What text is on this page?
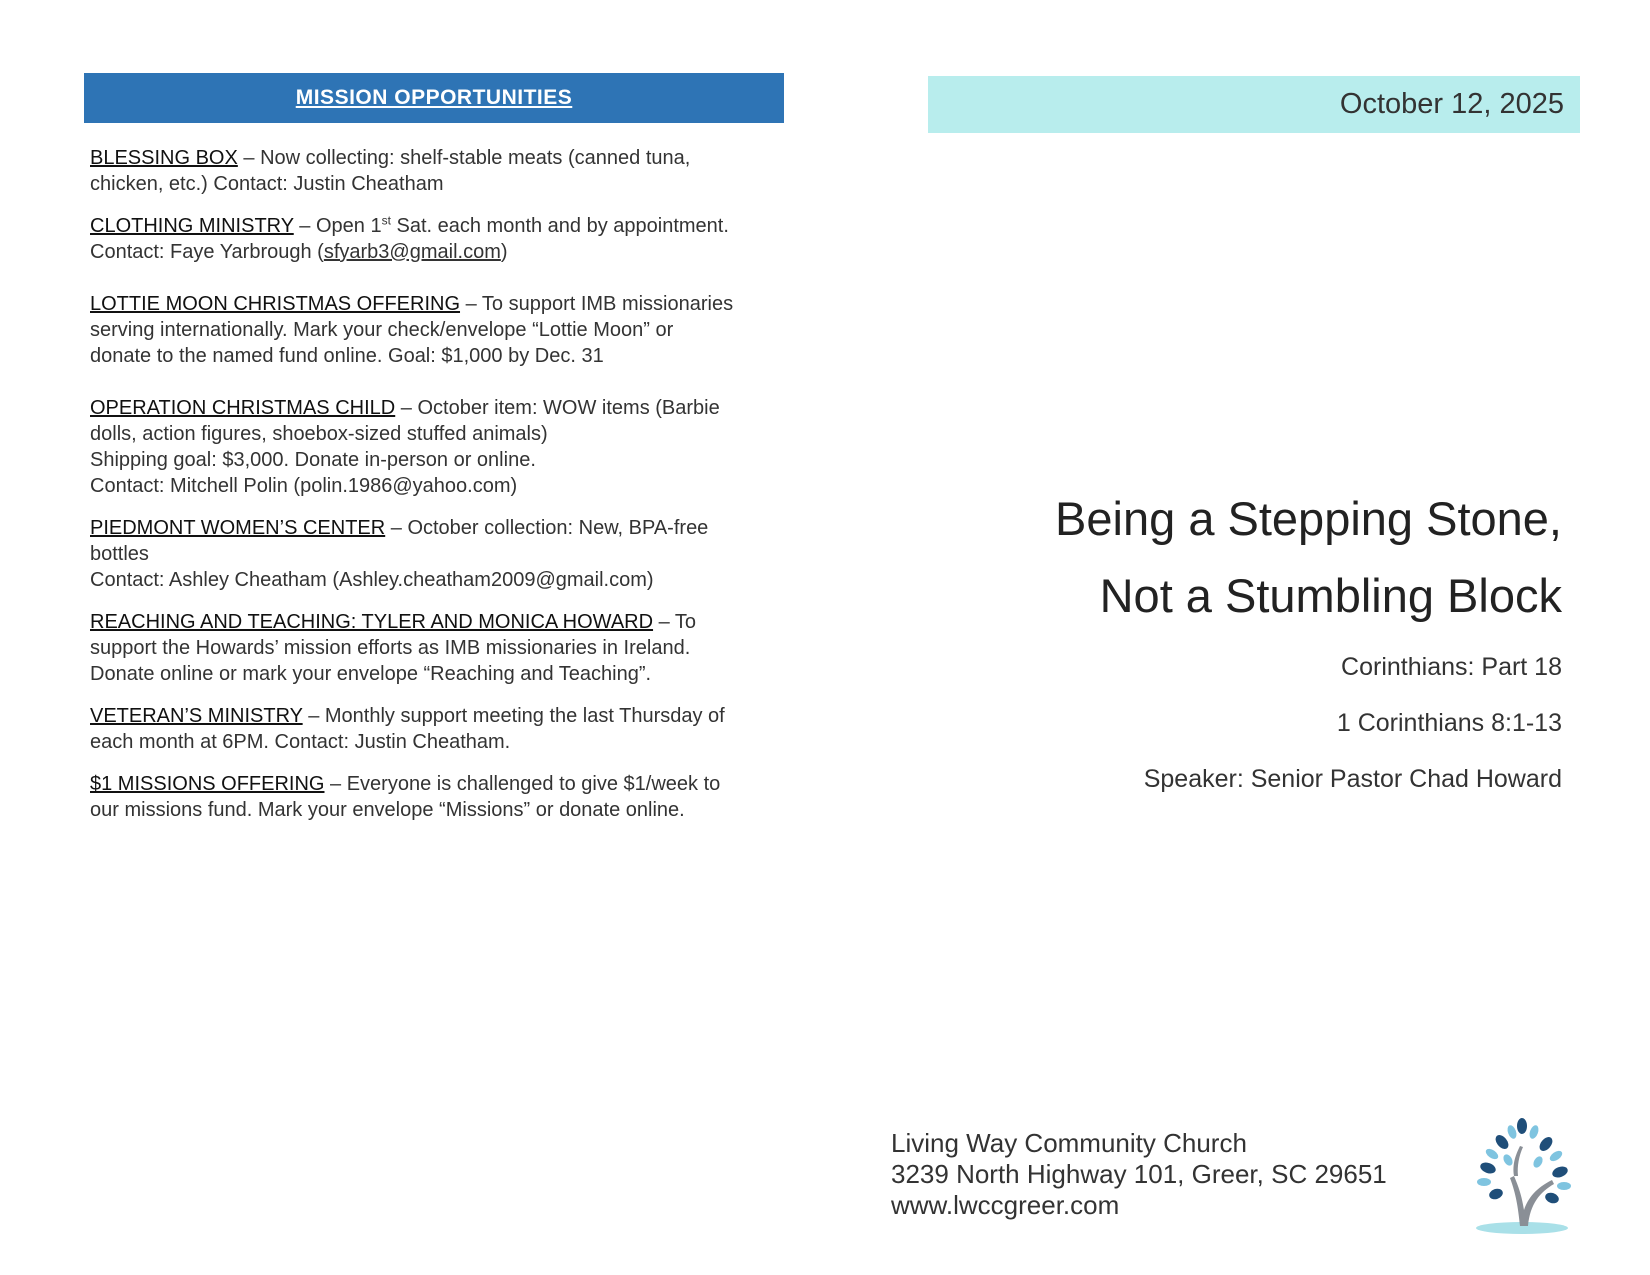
MISSION OPPORTUNITIES
BLESSING BOX – Now collecting: shelf-stable meats (canned tuna,
chicken, etc.) Contact: Justin Cheatham
CLOTHING MINISTRY – Open 1st Sat. each month and by appointment.
Contact: Faye Yarbrough (sfyarb3@gmail.com)
LOTTIE MOON CHRISTMAS OFFERING – To support IMB missionaries
serving internationally. Mark your check/envelope “Lottie Moon” or
donate to the named fund online. Goal: $1,000 by Dec. 31
OPERATION CHRISTMAS CHILD – October item: WOW items (Barbie
dolls, action figures, shoebox-sized stuffed animals)
Shipping goal: $3,000. Donate in-person or online.
Contact: Mitchell Polin (polin.1986@yahoo.com)
PIEDMONT WOMEN’S CENTER – October collection: New, BPA-free
bottles
Contact: Ashley Cheatham (Ashley.cheatham2009@gmail.com)
REACHING AND TEACHING: TYLER AND MONICA HOWARD – To
support the Howards’ mission efforts as IMB missionaries in Ireland.
Donate online or mark your envelope “Reaching and Teaching”.
VETERAN’S MINISTRY – Monthly support meeting the last Thursday of
each month at 6PM. Contact: Justin Cheatham.
$1 MISSIONS OFFERING – Everyone is challenged to give $1/week to
our missions fund. Mark your envelope “Missions” or donate online.
October 12, 2025
Being a Stepping Stone,
Not a Stumbling Block
Corinthians: Part 18
1 Corinthians 8:1-13
Speaker: Senior Pastor Chad Howard
Living Way Community Church
3239 North Highway 101, Greer, SC 29651
www.lwccgreer.com
